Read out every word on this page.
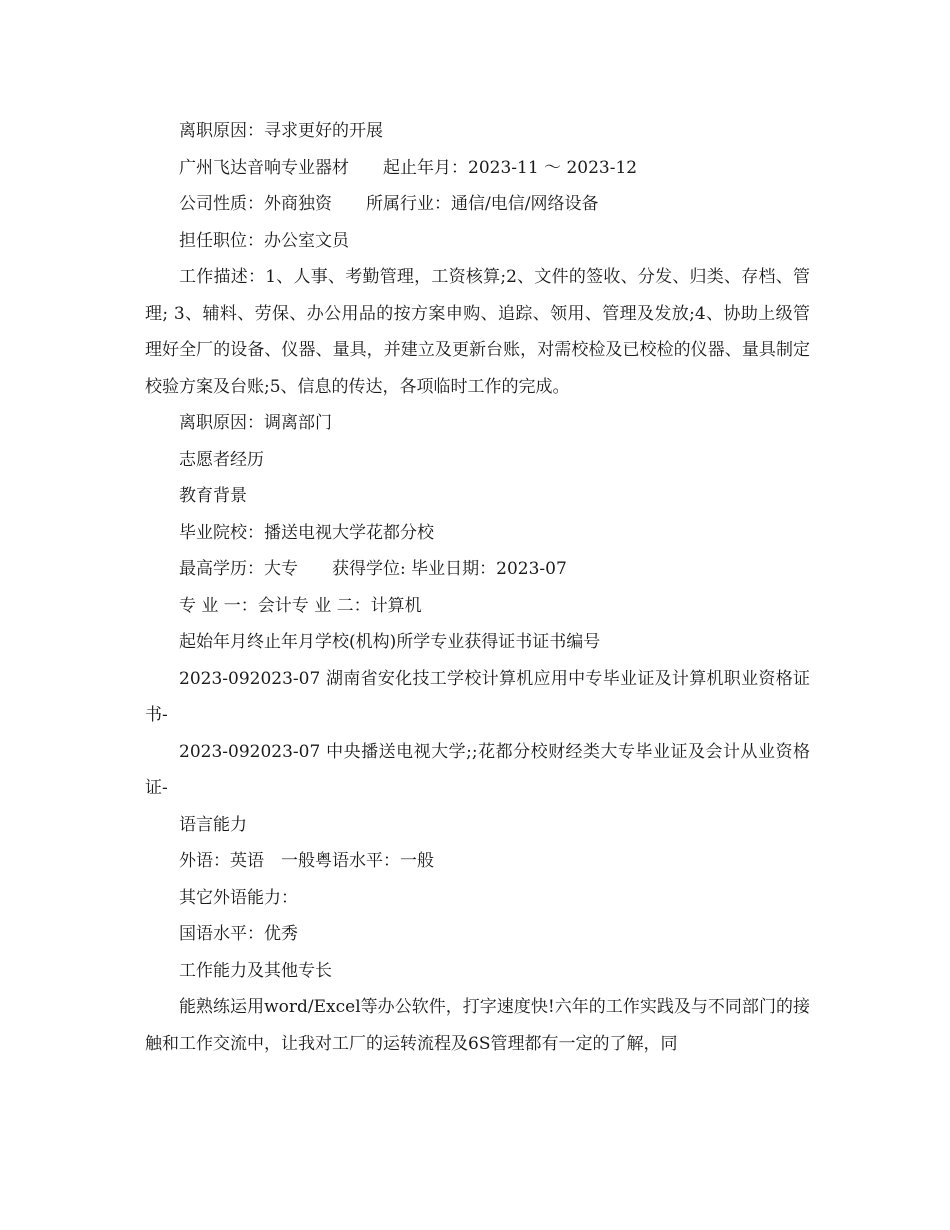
离职原因：寻求更好的开展

广州飞达音响专业器材 起止年月：2023-11 ～ 2023-12

公司性质：外商独资 所属行业：通信/电信/网络设备

担任职位：办公室文员

工作描述：1、人事、考勤管理，工资核算;2、文件的签收、分发、归类、存档、管理; 3、辅料、劳保、办公用品的按方案申购、追踪、领用、管理及发放;4、协助上级管理好全厂的设备、仪器、量具，并建立及更新台账，对需校检及已校检的仪器、量具制定校验方案及台账;5、信息的传达，各项临时工作的完成。

离职原因：调离部门

志愿者经历

教育背景

毕业院校：播送电视大学花都分校

最高学历：大专 获得学位: 毕业日期：2023-07

专 业 一：会计专 业 二：计算机

起始年月终止年月学校(机构)所学专业获得证书证书编号

2023-092023-07 湖南省安化技工学校计算机应用中专毕业证及计算机职业资格证书-

2023-092023-07 中央播送电视大学;;花都分校财经类大专毕业证及会计从业资格证-

语言能力

外语：英语 一般粤语水平：一般

其它外语能力：

国语水平：优秀

工作能力及其他专长

能熟练运用word/Excel等办公软件，打字速度快!六年的工作实践及与不同部门的接触和工作交流中，让我对工厂的运转流程及6S管理都有一定的了解，同
